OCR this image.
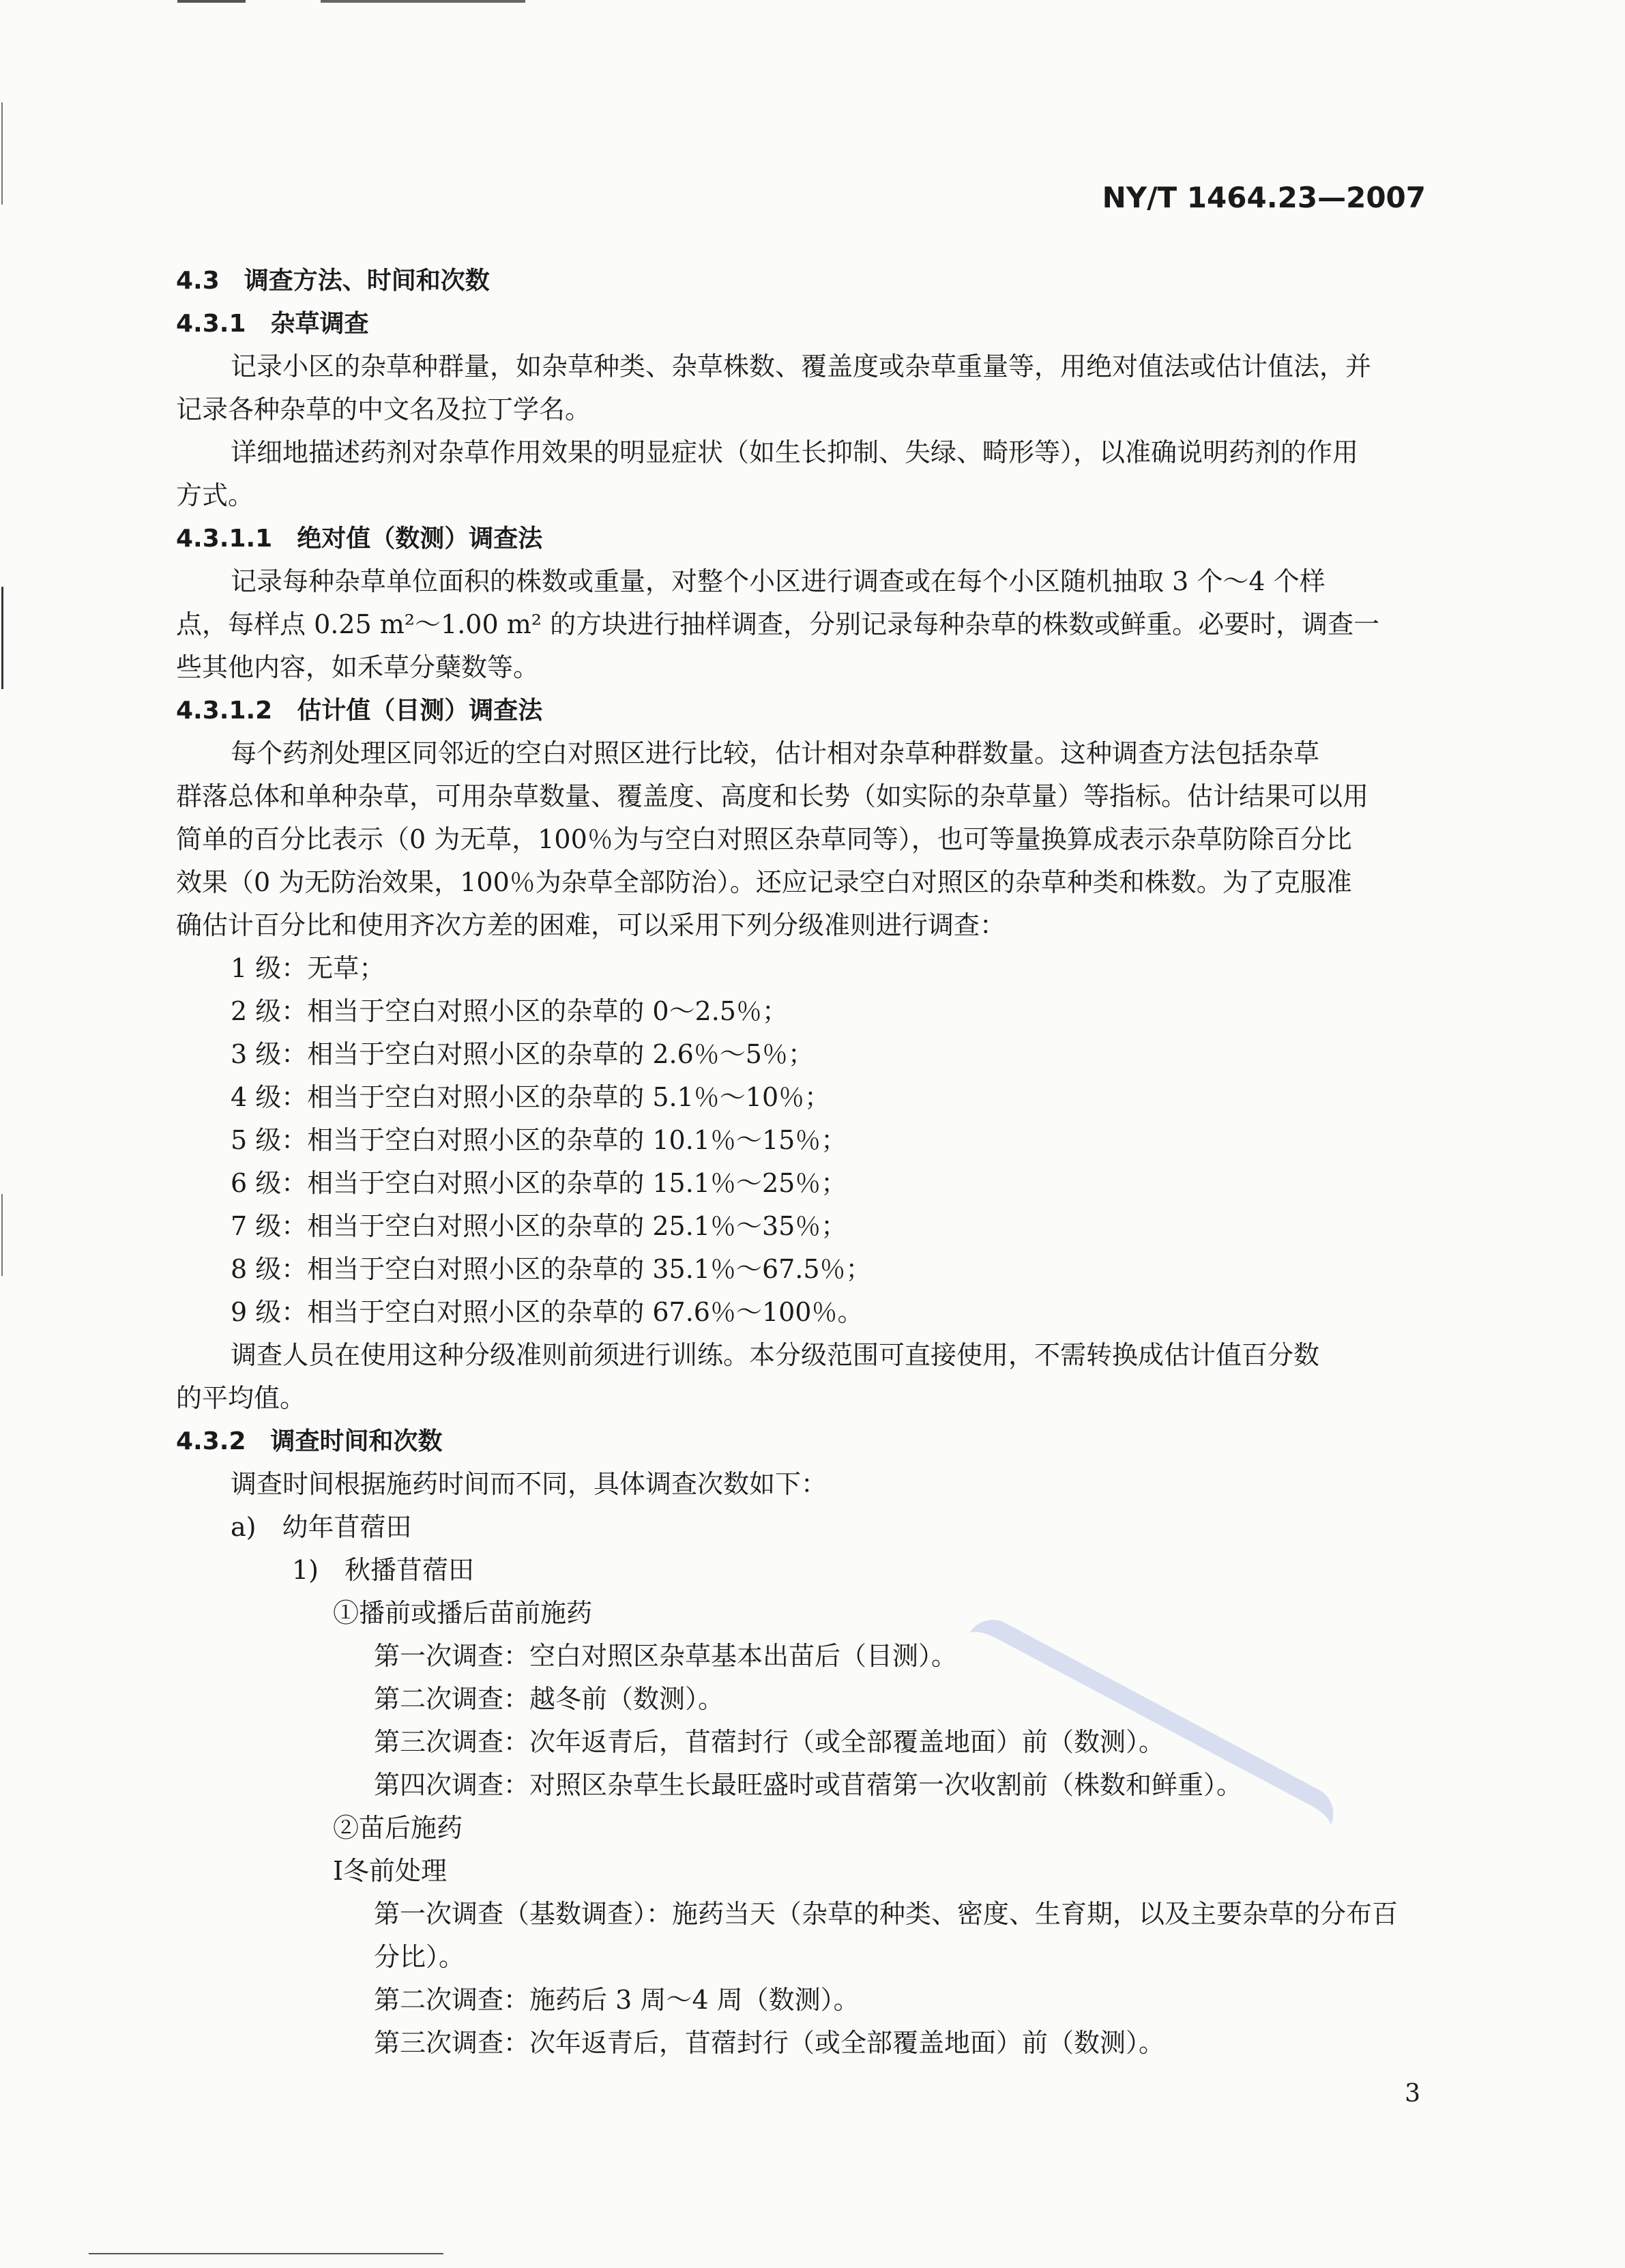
NY/T 1464.23—2007
4.3　调查方法、时间和次数
4.3.1　杂草调查
记录小区的杂草种群量，如杂草种类、杂草株数、覆盖度或杂草重量等，用绝对值法或估计值法，并
记录各种杂草的中文名及拉丁学名。
详细地描述药剂对杂草作用效果的明显症状（如生长抑制、失绿、畸形等），以准确说明药剂的作用
方式。
4.3.1.1　绝对值（数测）调查法
记录每种杂草单位面积的株数或重量，对整个小区进行调查或在每个小区随机抽取 3 个～4 个样
点，每样点 0.25 m²～1.00 m² 的方块进行抽样调查，分别记录每种杂草的株数或鲜重。必要时，调查一
些其他内容，如禾草分蘖数等。
4.3.1.2　估计值（目测）调查法
每个药剂处理区同邻近的空白对照区进行比较，估计相对杂草种群数量。这种调查方法包括杂草
群落总体和单种杂草，可用杂草数量、覆盖度、高度和长势（如实际的杂草量）等指标。估计结果可以用
简单的百分比表示（0 为无草，100％为与空白对照区杂草同等），也可等量换算成表示杂草防除百分比
效果（0 为无防治效果，100％为杂草全部防治）。还应记录空白对照区的杂草种类和株数。为了克服准
确估计百分比和使用齐次方差的困难，可以采用下列分级准则进行调查：
1 级：无草；
2 级：相当于空白对照小区的杂草的 0～2.5％；
3 级：相当于空白对照小区的杂草的 2.6％～5％；
4 级：相当于空白对照小区的杂草的 5.1％～10％；
5 级：相当于空白对照小区的杂草的 10.1％～15％；
6 级：相当于空白对照小区的杂草的 15.1％～25％；
7 级：相当于空白对照小区的杂草的 25.1％～35％；
8 级：相当于空白对照小区的杂草的 35.1％～67.5％；
9 级：相当于空白对照小区的杂草的 67.6％～100％。
调查人员在使用这种分级准则前须进行训练。本分级范围可直接使用，不需转换成估计值百分数
的平均值。
4.3.2　调查时间和次数
调查时间根据施药时间而不同，具体调查次数如下：
a)　幼年苜蓿田
1)　秋播苜蓿田
①播前或播后苗前施药
第一次调查：空白对照区杂草基本出苗后（目测）。
第二次调查：越冬前（数测）。
第三次调查：次年返青后，苜蓿封行（或全部覆盖地面）前（数测）。
第四次调查：对照区杂草生长最旺盛时或苜蓿第一次收割前（株数和鲜重）。
②苗后施药
Ⅰ冬前处理
第一次调查（基数调查）：施药当天（杂草的种类、密度、生育期，以及主要杂草的分布百
分比）。
第二次调查：施药后 3 周～4 周（数测）。
第三次调查：次年返青后，苜蓿封行（或全部覆盖地面）前（数测）。
3
